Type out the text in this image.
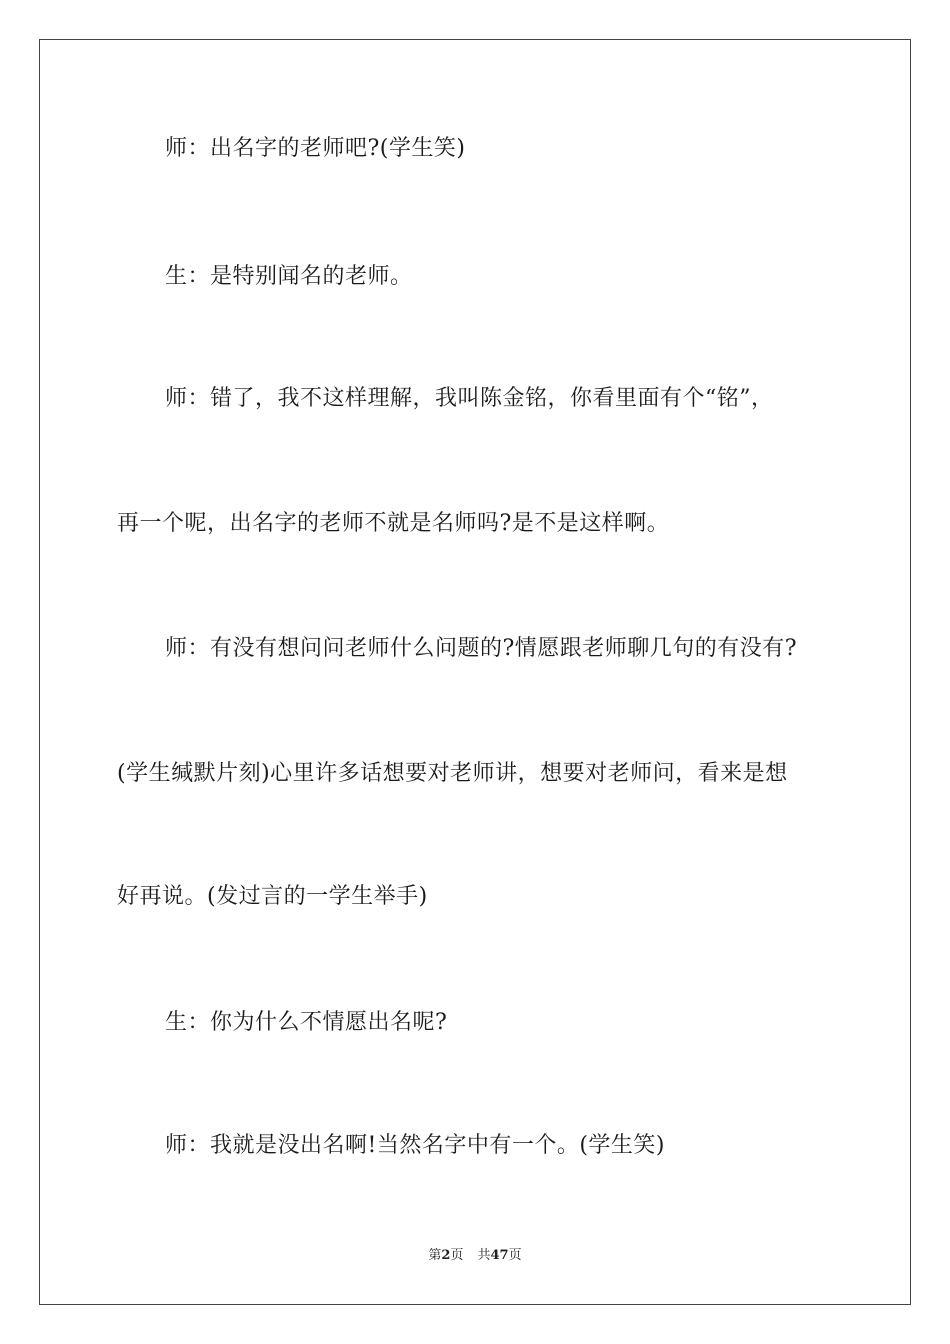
师：出名字的老师吧?(学生笑)
生：是特别闻名的老师。
师：错了，我不这样理解，我叫陈金铭，你看里面有个“铭”，
再一个呢，出名字的老师不就是名师吗?是不是这样啊。
师：有没有想问问老师什么问题的?情愿跟老师聊几句的有没有?
(学生缄默片刻)心里许多话想要对老师讲，想要对老师问，看来是想
好再说。(发过言的一学生举手)
生：你为什么不情愿出名呢?
师：我就是没出名啊!当然名字中有一个。(学生笑)
第2页 共47页
